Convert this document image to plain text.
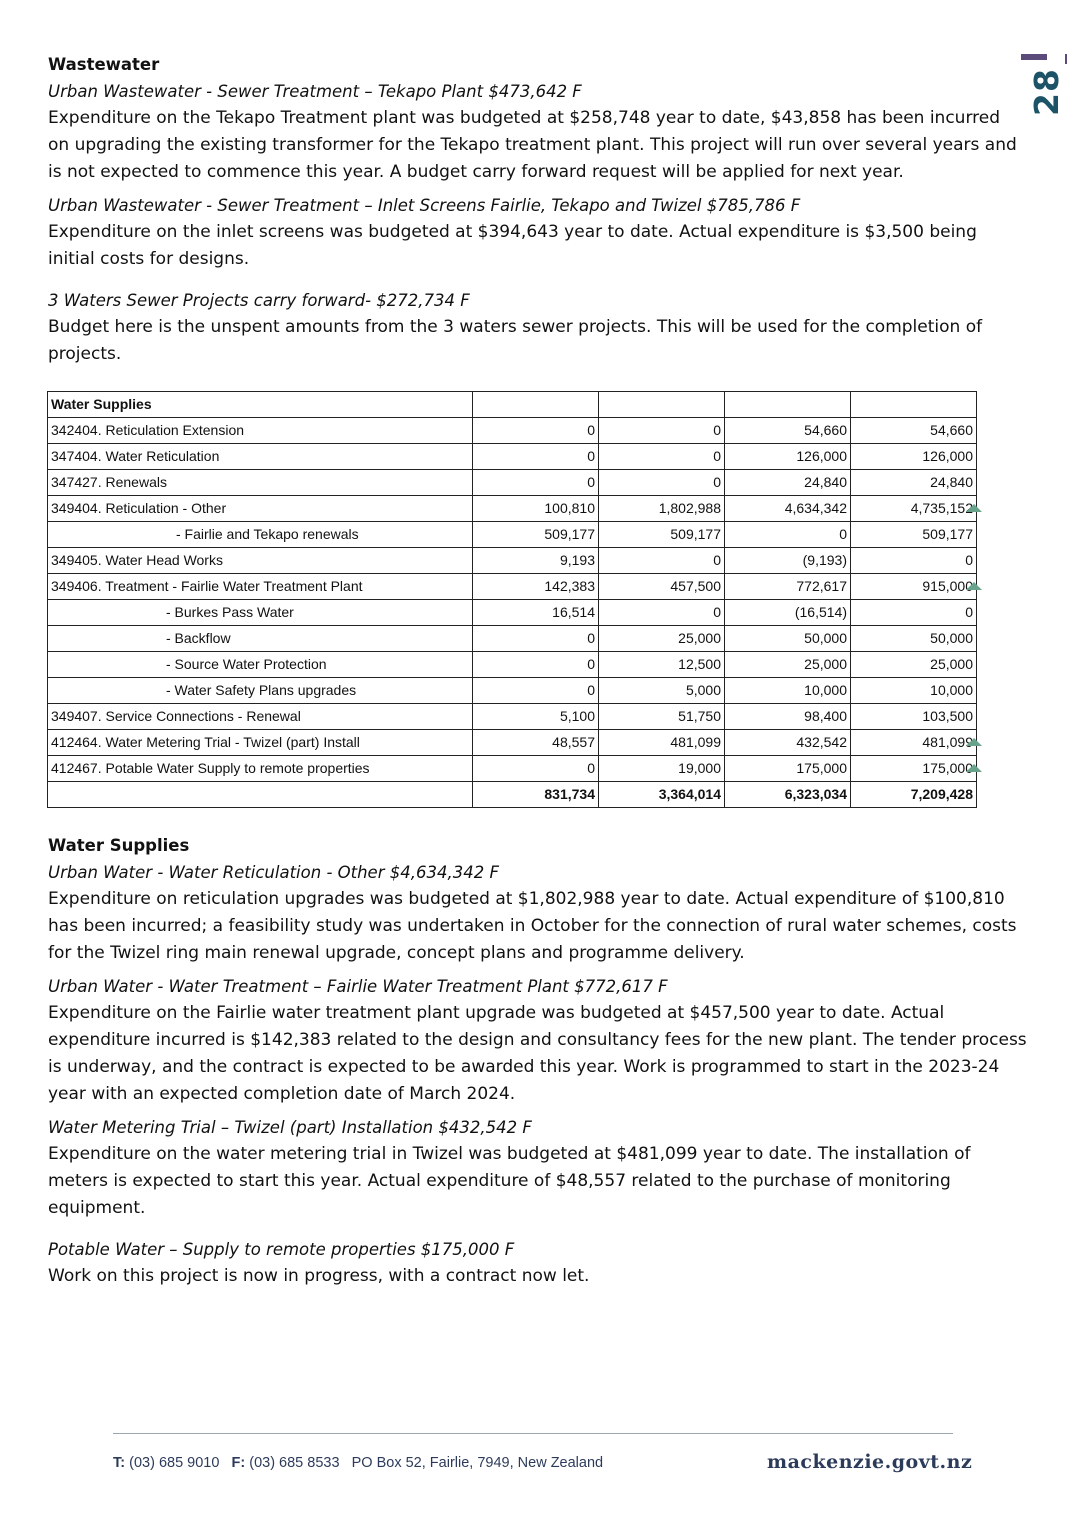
28

Wastewater

Urban Wastewater - Sewer Treatment – Tekapo Plant $473,642 F

Expenditure on the Tekapo Treatment plant was budgeted at $258,748 year to date, $43,858 has been incurred on upgrading the existing transformer for the Tekapo treatment plant. This project will run over several years and is not expected to commence this year. A budget carry forward request will be applied for next year.

Urban Wastewater - Sewer Treatment – Inlet Screens Fairlie, Tekapo and Twizel $785,786 F

Expenditure on the inlet screens was budgeted at $394,643 year to date. Actual expenditure is $3,500 being initial costs for designs.

3 Waters Sewer Projects carry forward- $272,734 F

Budget here is the unspent amounts from the 3 waters sewer projects. This will be used for the completion of projects.

Water Supplies				
342404. Reticulation Extension	0	0	54,660	54,660
347404. Water Reticulation	0	0	126,000	126,000
347427. Renewals	0	0	24,840	24,840
349404. Reticulation - Other	100,810	1,802,988	4,634,342	4,735,152
- Fairlie and Tekapo renewals	509,177	509,177	0	509,177
349405. Water Head Works	9,193	0	(9,193)	0
349406. Treatment - Fairlie Water Treatment Plant	142,383	457,500	772,617	915,000
- Burkes Pass Water	16,514	0	(16,514)	0
- Backflow	0	25,000	50,000	50,000
- Source Water Protection	0	12,500	25,000	25,000
- Water Safety Plans upgrades	0	5,000	10,000	10,000
349407. Service Connections - Renewal	5,100	51,750	98,400	103,500
412464. Water Metering Trial - Twizel (part) Install	48,557	481,099	432,542	481,099
412467. Potable Water Supply to remote properties	0	19,000	175,000	175,000
	831,734	3,364,014	6,323,034	7,209,428

Water Supplies

Urban Water - Water Reticulation - Other $4,634,342 F

Expenditure on reticulation upgrades was budgeted at $1,802,988 year to date. Actual expenditure of $100,810 has been incurred; a feasibility study was undertaken in October for the connection of rural water schemes, costs for the Twizel ring main renewal upgrade, concept plans and programme delivery.

Urban Water - Water Treatment – Fairlie Water Treatment Plant $772,617 F

Expenditure on the Fairlie water treatment plant upgrade was budgeted at $457,500 year to date. Actual expenditure incurred is $142,383 related to the design and consultancy fees for the new plant. The tender process is underway, and the contract is expected to be awarded this year. Work is programmed to start in the 2023-24 year with an expected completion date of March 2024.

Water Metering Trial – Twizel (part) Installation $432,542 F

Expenditure on the water metering trial in Twizel was budgeted at $481,099 year to date. The installation of meters is expected to start this year. Actual expenditure of $48,557 related to the purchase of monitoring equipment.

Potable Water – Supply to remote properties $175,000 F

Work on this project is now in progress, with a contract now let.

T: (03) 685 9010 F: (03) 685 8533 PO Box 52, Fairlie, 7949, New Zealand	mackenzie.govt.nz
